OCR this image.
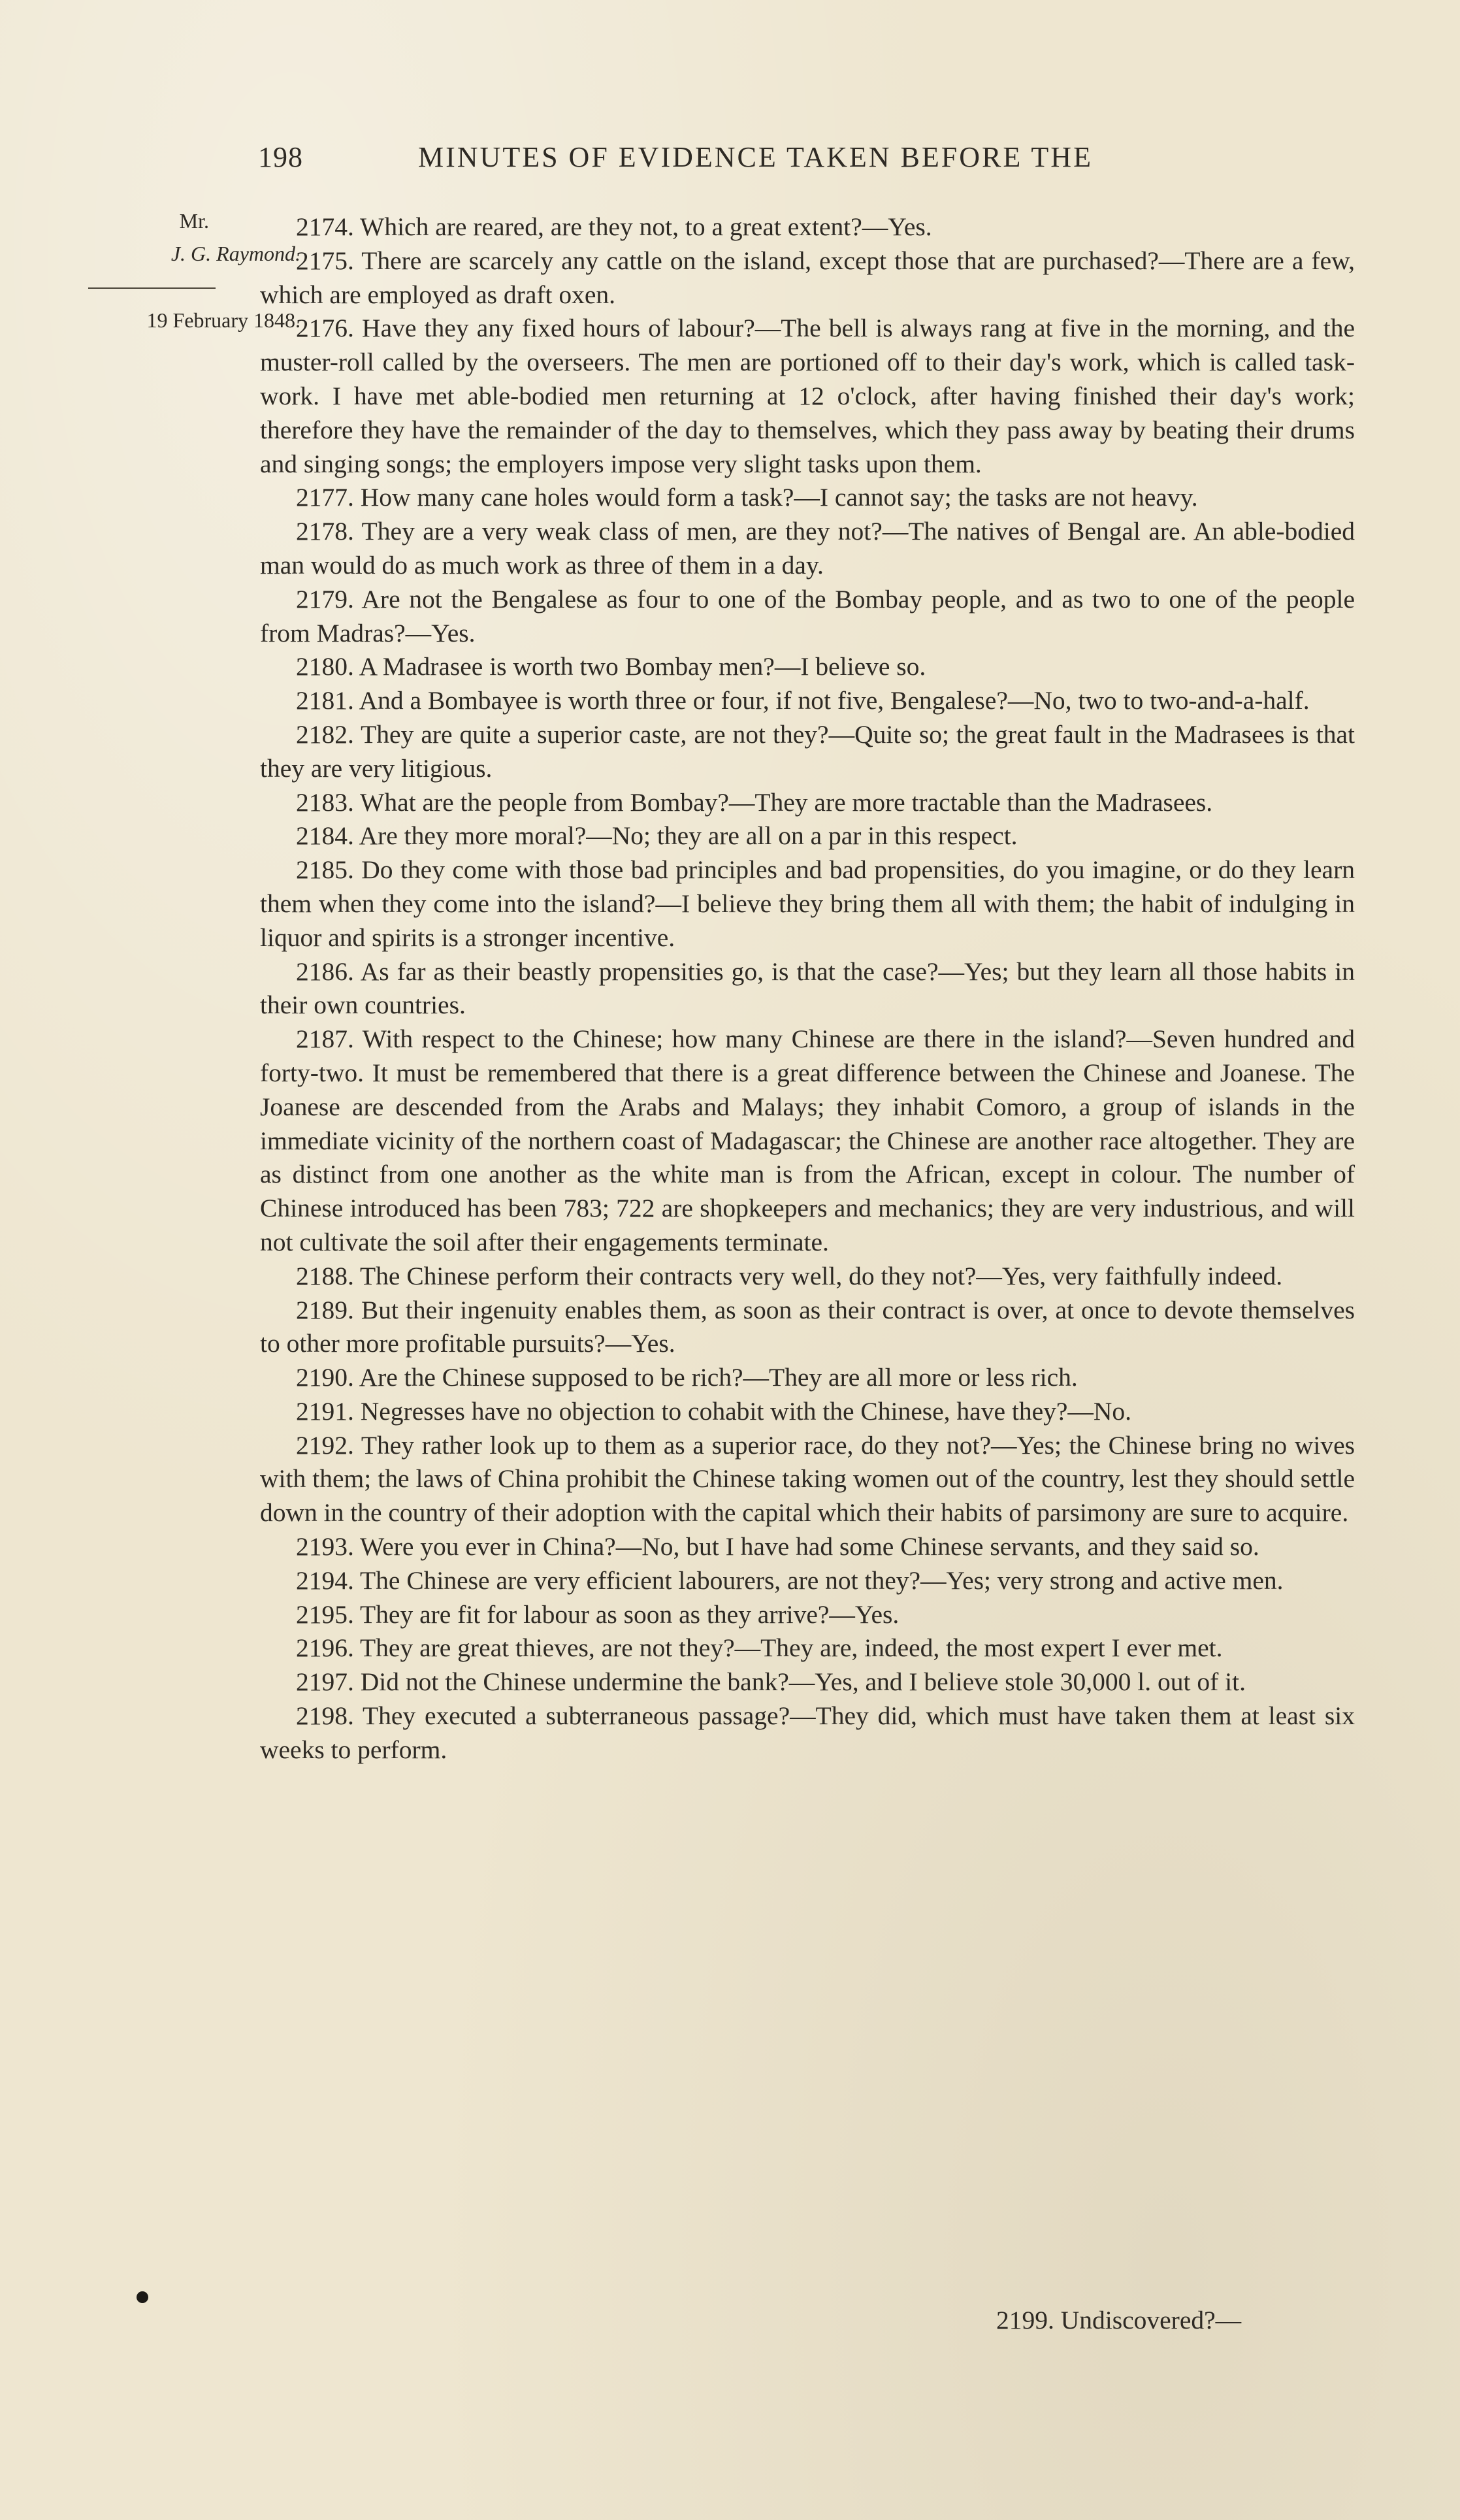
198	MINUTES OF EVIDENCE TAKEN BEFORE THE
Mr.
J. G. Raymond.
19 February 1848.

2174. Which are reared, are they not, to a great extent?—Yes.

2175. There are scarcely any cattle on the island, except those that are purchased?—There are a few, which are employed as draft oxen.

2176. Have they any fixed hours of labour?—The bell is always rang at five in the morning, and the muster-roll called by the overseers. The men are portioned off to their day's work, which is called task-work. I have met able-bodied men returning at 12 o'clock, after having finished their day's work; therefore they have the remainder of the day to themselves, which they pass away by beating their drums and singing songs; the employers impose very slight tasks upon them.

2177. How many cane holes would form a task?—I cannot say; the tasks are not heavy.

2178. They are a very weak class of men, are they not?—The natives of Bengal are. An able-bodied man would do as much work as three of them in a day.

2179. Are not the Bengalese as four to one of the Bombay people, and as two to one of the people from Madras?—Yes.

2180. A Madrasee is worth two Bombay men?—I believe so.

2181. And a Bombayee is worth three or four, if not five, Bengalese?—No, two to two-and-a-half.

2182. They are quite a superior caste, are not they?—Quite so; the great fault in the Madrasees is that they are very litigious.

2183. What are the people from Bombay?—They are more tractable than the Madrasees.

2184. Are they more moral?—No; they are all on a par in this respect.

2185. Do they come with those bad principles and bad propensities, do you imagine, or do they learn them when they come into the island?—I believe they bring them all with them; the habit of indulging in liquor and spirits is a stronger incentive.

2186. As far as their beastly propensities go, is that the case?—Yes; but they learn all those habits in their own countries.

2187. With respect to the Chinese; how many Chinese are there in the island?—Seven hundred and forty-two. It must be remembered that there is a great difference between the Chinese and Joanese. The Joanese are descended from the Arabs and Malays; they inhabit Comoro, a group of islands in the immediate vicinity of the northern coast of Madagascar; the Chinese are another race altogether. They are as distinct from one another as the white man is from the African, except in colour. The number of Chinese introduced has been 783; 722 are shopkeepers and mechanics; they are very industrious, and will not cultivate the soil after their engagements terminate.

2188. The Chinese perform their contracts very well, do they not?—Yes, very faithfully indeed.

2189. But their ingenuity enables them, as soon as their contract is over, at once to devote themselves to other more profitable pursuits?—Yes.

2190. Are the Chinese supposed to be rich?—They are all more or less rich.

2191. Negresses have no objection to cohabit with the Chinese, have they?—No.

2192. They rather look up to them as a superior race, do they not?—Yes; the Chinese bring no wives with them; the laws of China prohibit the Chinese taking women out of the country, lest they should settle down in the country of their adoption with the capital which their habits of parsimony are sure to acquire.

2193. Were you ever in China?—No, but I have had some Chinese servants, and they said so.

2194. The Chinese are very efficient labourers, are not they?—Yes; very strong and active men.

2195. They are fit for labour as soon as they arrive?—Yes.

2196. They are great thieves, are not they?—They are, indeed, the most expert I ever met.

2197. Did not the Chinese undermine the bank?—Yes, and I believe stole 30,000 l. out of it.

2198. They executed a subterraneous passage?—They did, which must have taken them at least six weeks to perform.

2199. Undiscovered?—
